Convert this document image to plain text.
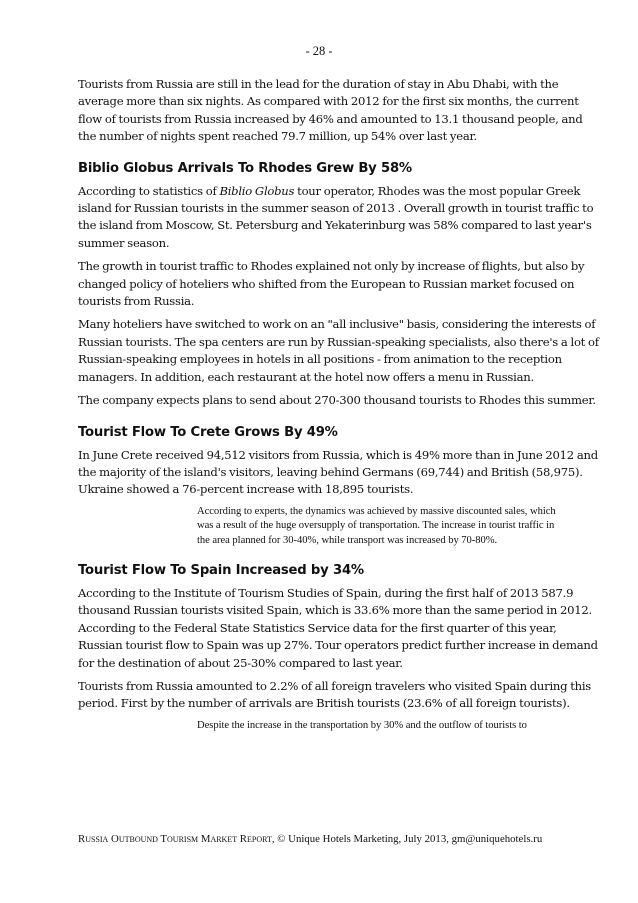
- 28 -

Tourists from Russia are still in the lead for the duration of stay in Abu Dhabi, with the average more than six nights. As compared with 2012 for the first six months, the current flow of tourists from Russia increased by 46% and amounted to 13.1 thousand people, and the number of nights spent reached 79.7 million, up 54% over last year.

Biblio Globus Arrivals To Rhodes Grew By 58%

According to statistics of Biblio Globus tour operator, Rhodes was the most popular Greek island for Russian tourists in the summer season of 2013 . Overall growth in tourist traffic to the island from Moscow, St. Petersburg and Yekaterinburg was 58% compared to last year's summer season.

The growth in tourist traffic to Rhodes explained not only by increase of flights, but also by changed policy of hoteliers who shifted from the European to Russian market focused on tourists from Russia.

Many hoteliers have switched to work on an "all inclusive" basis, considering the interests of Russian tourists. The spa centers are run by Russian-speaking specialists, also there's a lot of Russian-speaking employees in hotels in all positions - from animation to the reception managers. In addition, each restaurant at the hotel now offers a menu in Russian.

The company expects plans to send about 270-300 thousand tourists to Rhodes this summer.

Tourist Flow To Crete Grows By 49%

In June Crete received 94,512 visitors from Russia, which is 49% more than in June 2012 and the majority of the island's visitors, leaving behind Germans (69,744) and British (58,975). Ukraine showed a 76-percent increase with 18,895 tourists.

According to experts, the dynamics was achieved by massive discounted sales, which was a result of the huge oversupply of transportation. The increase in tourist traffic in the area planned for 30-40%, while transport was increased by 70-80%.
Tourist Flow To Spain Increased by 34%

According to the Institute of Tourism Studies of Spain, during the first half of 2013 587.9 thousand Russian tourists visited Spain, which is 33.6% more than the same period in 2012. According to the Federal State Statistics Service data for the first quarter of this year, Russian tourist flow to Spain was up 27%. Tour operators predict further increase in demand for the destination of about 25-30% compared to last year.

Tourists from Russia amounted to 2.2% of all foreign travelers who visited Spain during this period. First by the number of arrivals are British tourists (23.6% of all foreign tourists).

Despite the increase in the transportation by 30% and the outflow of tourists to
Russia Outbound Tourism Market Report, © Unique Hotels Marketing, July 2013, gm@uniquehotels.ru
